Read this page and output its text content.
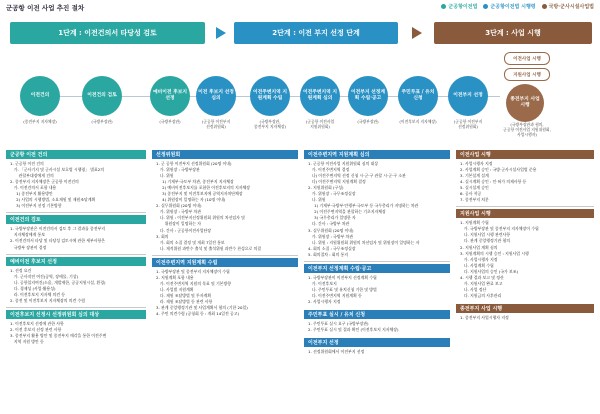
군공항 이전 사업 추진 절차	군공항이전법	군공항이전법 시행령	국방·군사시설사업법
1단계 : 이전건의서 타당성 검토	2단계 : 이전 부지 선정 단계	3단계 : 사업 시행
이전건의
(종전부지 지자체장)
이전건의 검토
(국방부장관)
예비이전 후보지 선정
(국방부장관)
이전 후보지 선정 심의
(군공항 이전부지
선정위원회)
이전주변지역 지원계획 수립
(국방부장관,
종전부지 지자체장)
이전주변지역 지원계획 심의
(군공항 이전사업
지원위원회)
이전부지 선정계획 수립·공고
(국방부장관)
주민투표 / 유치신청
(이전후보지 지자체장)
이전부지 선정
(군공항 이전부지
선정위원회)
이전사업 시행
지원사업 시행
종전부지 사업시행
(국방부장관과 협의,
군공항 이전사업 지원위원회,
사업시행자)
군공항 이전 건의
1. 군공항 이전 건의
가. 「군사기지 및 군사시설 보호법 시행령」 별표2의
관할부대장에게 건의
2. 종전부지 지자체장은 군공항 이전건의
가. 이전건의서 포함 내용
1) 종전부지 활용방안
2) 사업의 시행방법, 소요재원 및 재원조달계획
3) 이전부지 선정 기본방향
이전건의 검토
1. 국방부장관은 이전건의서 검토 후 그 결과를 종전부지
지자체장에게 통보
2. 이전건의서 타당 및 타당성 검토시에 관한 세부사항은
국방부 장관이 결정
예비이전 후보지 선정
1. 선정 요건
가. 군사작전 여건(공역, 장애물, 기상)
나. 공항입지여건(소음, 개발제한, 공공지원시설, 환경)
다. 경제성 (사업·활용성)
라. 이전후보지 지자체 의견 등
2. 종전 및 이전후보지 지자체장의 의견 수렴
이전후보지 선정시 선정위원회 심의 대상
1. 이전후보지 선정에 관한 사항
2. 이전 후보지 선정 관련 사항
3. 종전부지 활용 방안 및 종전부지 매각을 통한 이전주변
지역 지원 방안 등
선정위원회
1. 군 공항 이전부지 선정위원회 (20명 이내)
가. 위원장 : 국방부장관
나. 위원
1) 기재부·국토부 차관, 종전부지 지자체장
2) 예비이전후보지를 포함한 이전후보지의 지자체장
3) 종전부지 및 이전후보지에 공역지자치단체장
4) 위원장이 일명하는 자 (10명 이내)
2. 실무위원회 (20명 이내)
가. 위원장 : 국방부 차관
나. 위원 : 이전부지선정위원회 위원의 차선임자 및
위원장이 일명하는 자
다. 간사 : 군공항이전사업단장
3. 회의
가. 회의 소집 결정 및 개최 7일전 통보
나. 재적위원 과반수 출석 및 출석위원 과반수 찬성으로 의결
이전주변지역 지원계획 수립
1. 국방부장관 및 종전부지 지자체장이 수립
2. 지원계획 포함 내용
가. 이전주변지역 지원의 목표 및 기본방향
나. 사업별 지원계획
다. 재원 조달방법 및 투자계획
라. 재원 조달방법 등 관련 사항
3. 관계 중앙행정기관 및 사업계획서 협의 (기한 20일)
4. 주민 의견수렴 (공청회 등 : 개최 14일전 공고)
이전주변지역 지원계획 심의
1. 군공항 이전사업 지원위원회 심의 대상
가. 이전주변지역 결정
나) 이전주변지역 선정 신청 시·군·구 관할 시·군·구 소관
다) 이전주변지역 지원계획 결정
2. 지원위원회 (구성)
가. 위원장 : 국무조정실장
나. 위원
1) 기재부·국방부·안행부·국토부 등 국무총리가 지명하는 차관
2) 이전주변지역을 관할하는 기초지자체장
3) 국무총리가 일명한 자
다. 간사 : 국방부 차관
3. 실무위원회 (20명 이내)
가. 위원장 : 국방부 차관
나. 위원 : 지원위원회 위원의 차선임자 및 위원장이 일명하는 자
4. 회의 소집 : 국무조정실장
5. 회의절차 : 회의 통지
이전부지 선정계획 수립·공고
1. 국방부장관이 이전부지 선정계획 수립
가. 이전후보지
나. 주민투표 및 유치신청 기한 및 방법
다. 이전주변지역 지원계획 등
2. 사업시행자 지정
주민투표 실시 / 유치 신청
1. 주민투표 실시 요구 (국방부장관)
2. 주민투표 실시 및 결과 확인 (이전후보지 지자체장)
이전부지 선정
1. 선정위원회에서 이전부지 선정
이전사업 시행
1. 사업시행자 지정
2. 사업계획 승인 : 국방·군사시설사업법 준용
3. 기본설계 설계
4. 실시계획 승인 : 인·허가 의제사항 등
5. 실시설계 승인
6. 공사 착공
7. 종전부지 처분
지원사업 시행
1. 지원계획 수립
가. 국방부장관 및 종전부지 지자체장이 수립
나. 지원사업 시행 관련사항
다. 관계 중앙행정기관 협의
2. 지원사업 계획 심의
3. 지원계획의 시행 승인 : 지원사업 시행
가. 사업시행자 지정
나. 사업계획 수립
다. 지원사업의 승인 (국가 보조)
4. 시행 결과 보고 및 정산
가. 지원사업 완료 보고
나. 사업 정산
다. 지원금의 사후관리
종전부지 사업 시행
1. 종전부지 사업시행자 지정
